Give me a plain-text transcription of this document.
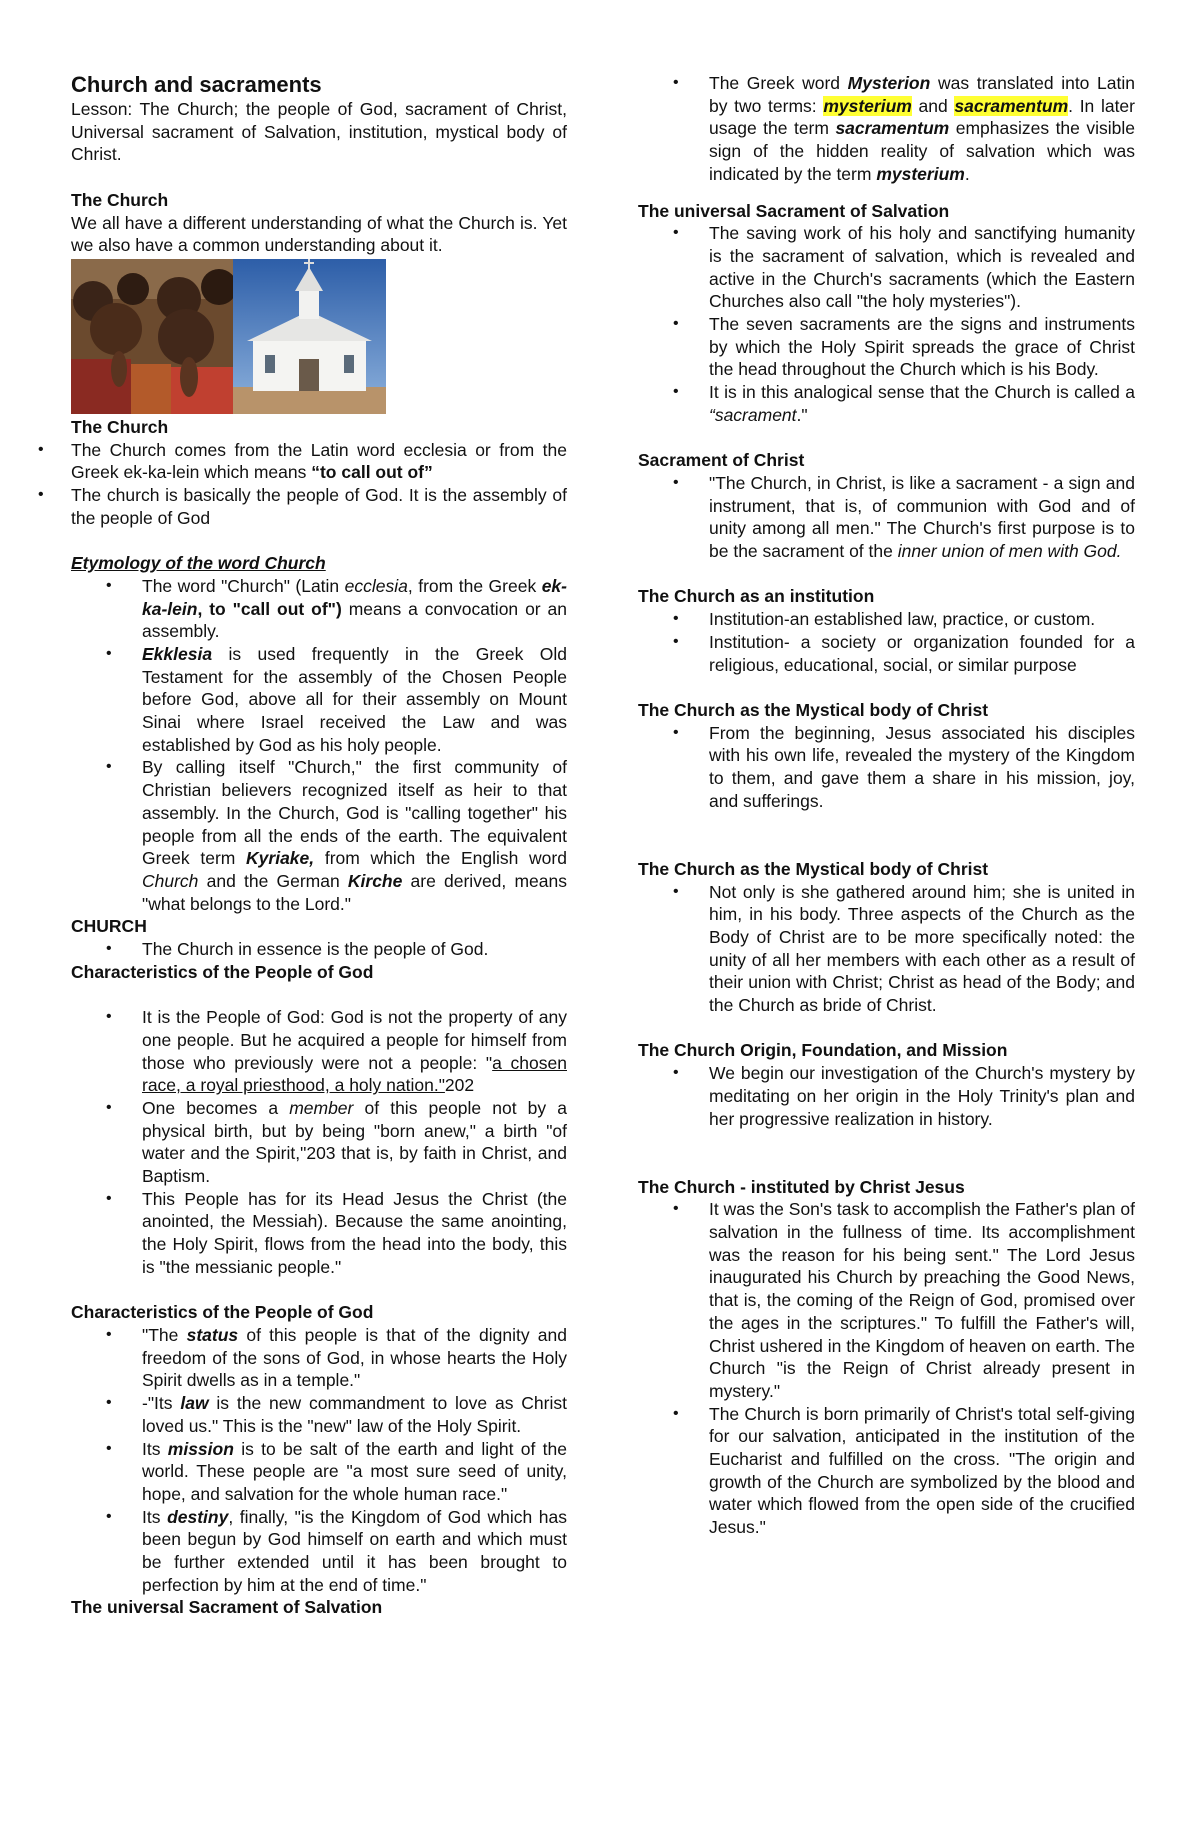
Church and sacraments

Lesson: The Church; the people of God, sacrament of Christ, Universal sacrament of Salvation, institution, mystical body of Christ.

The Church

We all have a different understanding of what the Church is. Yet we also have a common understanding about it.

The Church

• The Church comes from the Latin word ecclesia or from the Greek ek-ka-lein which means “to call out of”
• The church is basically the people of God. It is the assembly of the people of God

Etymology of the word Church

• The word "Church" (Latin ecclesia, from the Greek ek-ka-lein, to "call out of") means a convocation or an assembly.
• Ekklesia is used frequently in the Greek Old Testament for the assembly of the Chosen People before God, above all for their assembly on Mount Sinai where Israel received the Law and was established by God as his holy people.
• By calling itself "Church," the first community of Christian believers recognized itself as heir to that assembly. In the Church, God is "calling together" his people from all the ends of the earth. The equivalent Greek term Kyriake, from which the English word Church and the German Kirche are derived, means "what belongs to the Lord."

CHURCH

• The Church in essence is the people of God.

Characteristics of the People of God

• It is the People of God: God is not the property of any one people. But he acquired a people for himself from those who previously were not a people: "a chosen race, a royal priesthood, a holy nation."202
• One becomes a member of this people not by a physical birth, but by being "born anew," a birth "of water and the Spirit,"203 that is, by faith in Christ, and Baptism.
• This People has for its Head Jesus the Christ (the anointed, the Messiah). Because the same anointing, the Holy Spirit, flows from the head into the body, this is "the messianic people."

Characteristics of the People of God

• "The status of this people is that of the dignity and freedom of the sons of God, in whose hearts the Holy Spirit dwells as in a temple."
• -"Its law is the new commandment to love as Christ loved us." This is the "new" law of the Holy Spirit.
• Its mission is to be salt of the earth and light of the world. These people are "a most sure seed of unity, hope, and salvation for the whole human race."
• Its destiny, finally, "is the Kingdom of God which has been begun by God himself on earth and which must be further extended until it has been brought to perfection by him at the end of time."

The universal Sacrament of Salvation

• The Greek word Mysterion was translated into Latin by two terms: mysterium and sacramentum. In later usage the term sacramentum emphasizes the visible sign of the hidden reality of salvation which was indicated by the term mysterium.

The universal Sacrament of Salvation

• The saving work of his holy and sanctifying humanity is the sacrament of salvation, which is revealed and active in the Church's sacraments (which the Eastern Churches also call "the holy mysteries").
• The seven sacraments are the signs and instruments by which the Holy Spirit spreads the grace of Christ the head throughout the Church which is his Body.
• It is in this analogical sense that the Church is called a “sacrament."

Sacrament of Christ

• "The Church, in Christ, is like a sacrament - a sign and instrument, that is, of communion with God and of unity among all men." The Church's first purpose is to be the sacrament of the inner union of men with God.

The Church as an institution

• Institution-an established law, practice, or custom.
• Institution- a society or organization founded for a religious, educational, social, or similar purpose

The Church as the Mystical body of Christ

• From the beginning, Jesus associated his disciples with his own life, revealed the mystery of the Kingdom to them, and gave them a share in his mission, joy, and sufferings.

The Church as the Mystical body of Christ

• Not only is she gathered around him; she is united in him, in his body. Three aspects of the Church as the Body of Christ are to be more specifically noted: the unity of all her members with each other as a result of their union with Christ; Christ as head of the Body; and the Church as bride of Christ.

The Church Origin, Foundation, and Mission

• We begin our investigation of the Church's mystery by meditating on her origin in the Holy Trinity's plan and her progressive realization in history.

The Church - instituted by Christ Jesus

• It was the Son's task to accomplish the Father's plan of salvation in the fullness of time. Its accomplishment was the reason for his being sent." The Lord Jesus inaugurated his Church by preaching the Good News, that is, the coming of the Reign of God, promised over the ages in the scriptures." To fulfill the Father's will, Christ ushered in the Kingdom of heaven on earth. The Church "is the Reign of Christ already present in mystery."
• The Church is born primarily of Christ's total self-giving for our salvation, anticipated in the institution of the Eucharist and fulfilled on the cross. "The origin and growth of the Church are symbolized by the blood and water which flowed from the open side of the crucified Jesus."
